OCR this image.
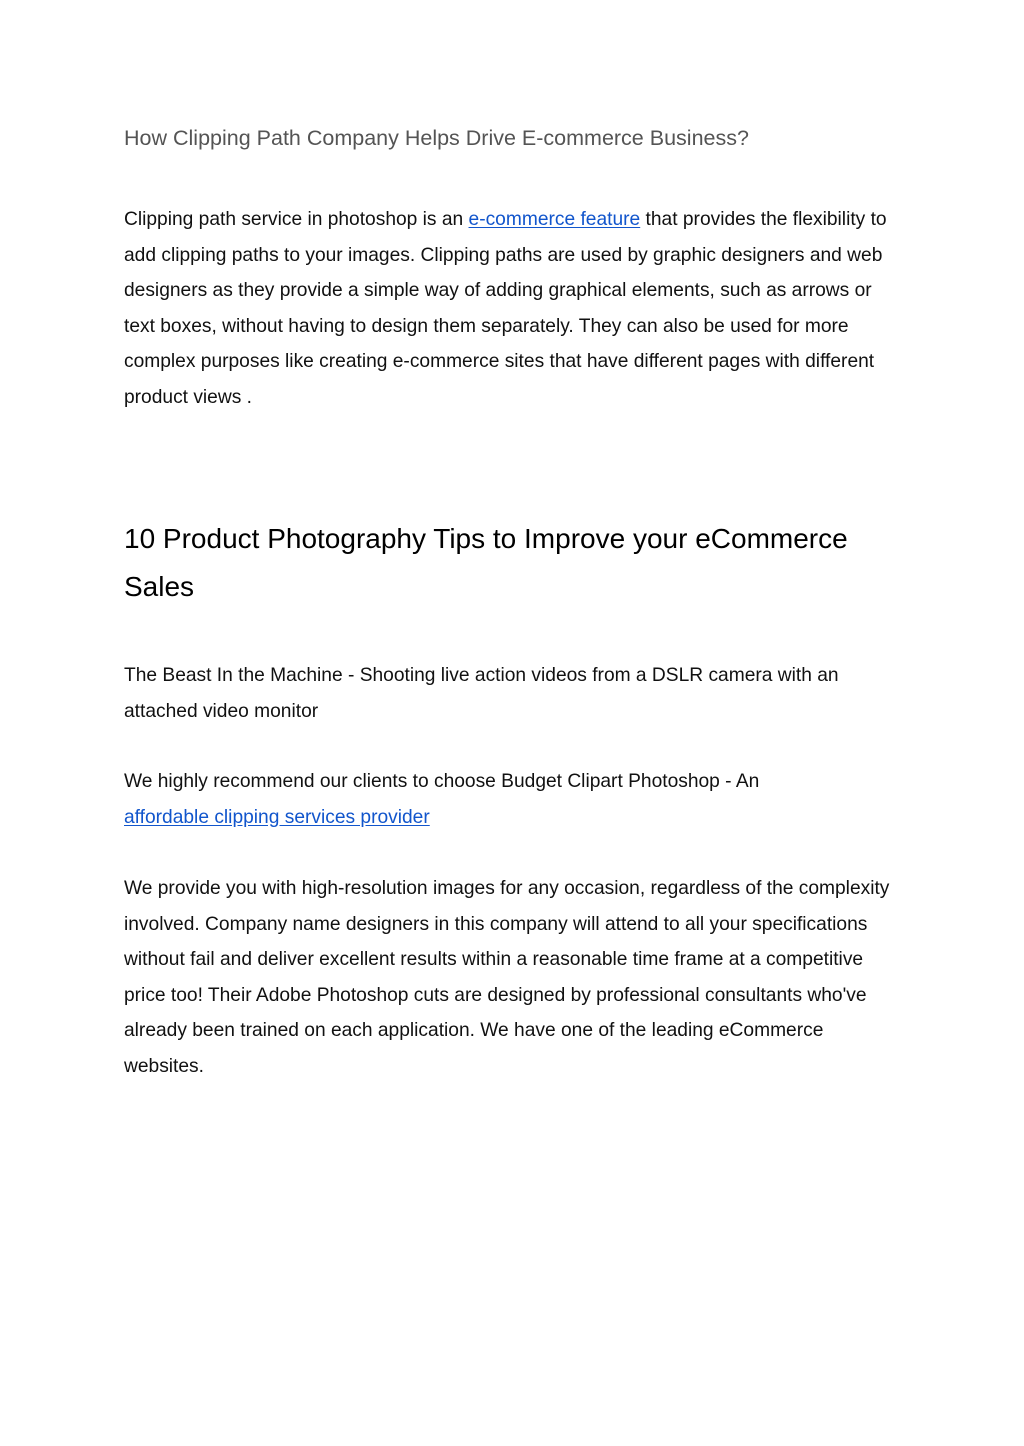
How Clipping Path Company Helps Drive E-commerce Business?

Clipping path service in photoshop is an e-commerce feature that provides the flexibility to add clipping paths to your images. Clipping paths are used by graphic designers and web designers as they provide a simple way of adding graphical elements, such as arrows or text boxes, without having to design them separately. They can also be used for more complex purposes like creating e-commerce sites that have different pages with different product views .

10 Product Photography Tips to Improve your eCommerce Sales

The Beast In the Machine - Shooting live action videos from a DSLR camera with an attached video monitor

We highly recommend our clients to choose Budget Clipart Photoshop - An
affordable clipping services provider

We provide you with high-resolution images for any occasion, regardless of the complexity involved. Company name designers in this company will attend to all your specifications without fail and deliver excellent results within a reasonable time frame at a competitive price too! Their Adobe Photoshop cuts are designed by professional consultants who've already been trained on each application. We have one of the leading eCommerce websites.
